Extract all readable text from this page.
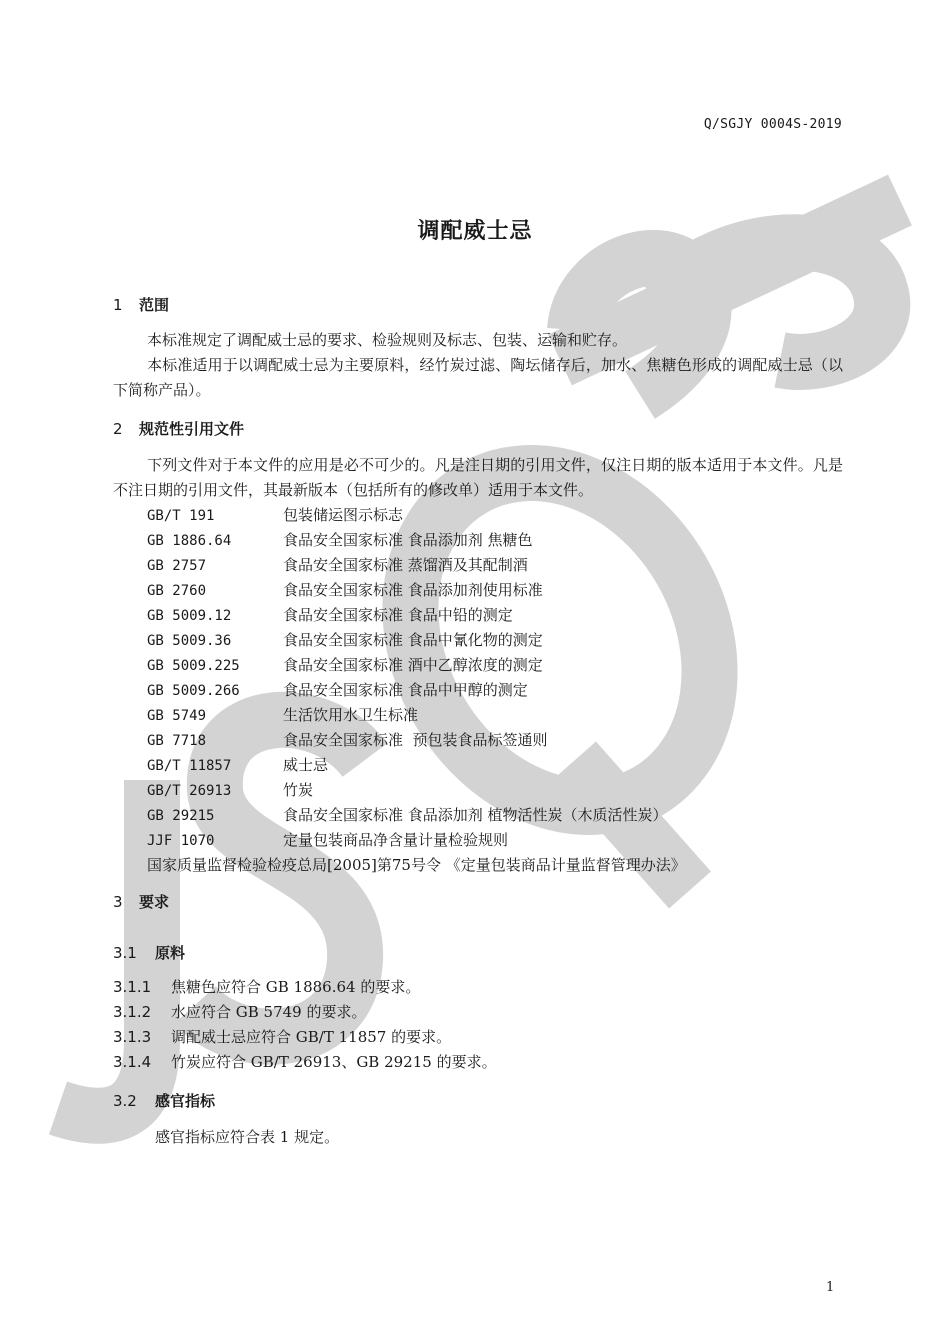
Q/SGJY 0004S-2019
调配威士忌
1 范围
本标准规定了调配威士忌的要求、检验规则及标志、包装、运输和贮存。
本标准适用于以调配威士忌为主要原料，经竹炭过滤、陶坛储存后，加水、焦糖色形成的调配威士忌（以下简称产品）。
2 规范性引用文件
下列文件对于本文件的应用是必不可少的。凡是注日期的引用文件，仅注日期的版本适用于本文件。凡是不注日期的引用文件，其最新版本（包括所有的修改单）适用于本文件。
GB/T 191	包装储运图示标志
GB 1886.64	食品安全国家标准 食品添加剂 焦糖色
GB 2757	食品安全国家标准 蒸馏酒及其配制酒
GB 2760	食品安全国家标准 食品添加剂使用标准
GB 5009.12	食品安全国家标准 食品中铅的测定
GB 5009.36	食品安全国家标准 食品中氰化物的测定
GB 5009.225	食品安全国家标准 酒中乙醇浓度的测定
GB 5009.266	食品安全国家标准 食品中甲醇的测定
GB 5749	生活饮用水卫生标准
GB 7718	食品安全国家标准  预包装食品标签通则
GB/T 11857	威士忌
GB/T 26913	竹炭
GB 29215	食品安全国家标准 食品添加剂 植物活性炭（木质活性炭）
JJF 1070	定量包装商品净含量计量检验规则
国家质量监督检验检疫总局[2005]第75号令 《定量包装商品计量监督管理办法》
3 要求
3.1 原料
3.1.1 焦糖色应符合 GB 1886.64 的要求。
3.1.2 水应符合 GB 5749 的要求。
3.1.3 调配威士忌应符合 GB/T 11857 的要求。
3.1.4 竹炭应符合 GB/T 26913、GB 29215 的要求。
3.2 感官指标
感官指标应符合表 1 规定。
1
